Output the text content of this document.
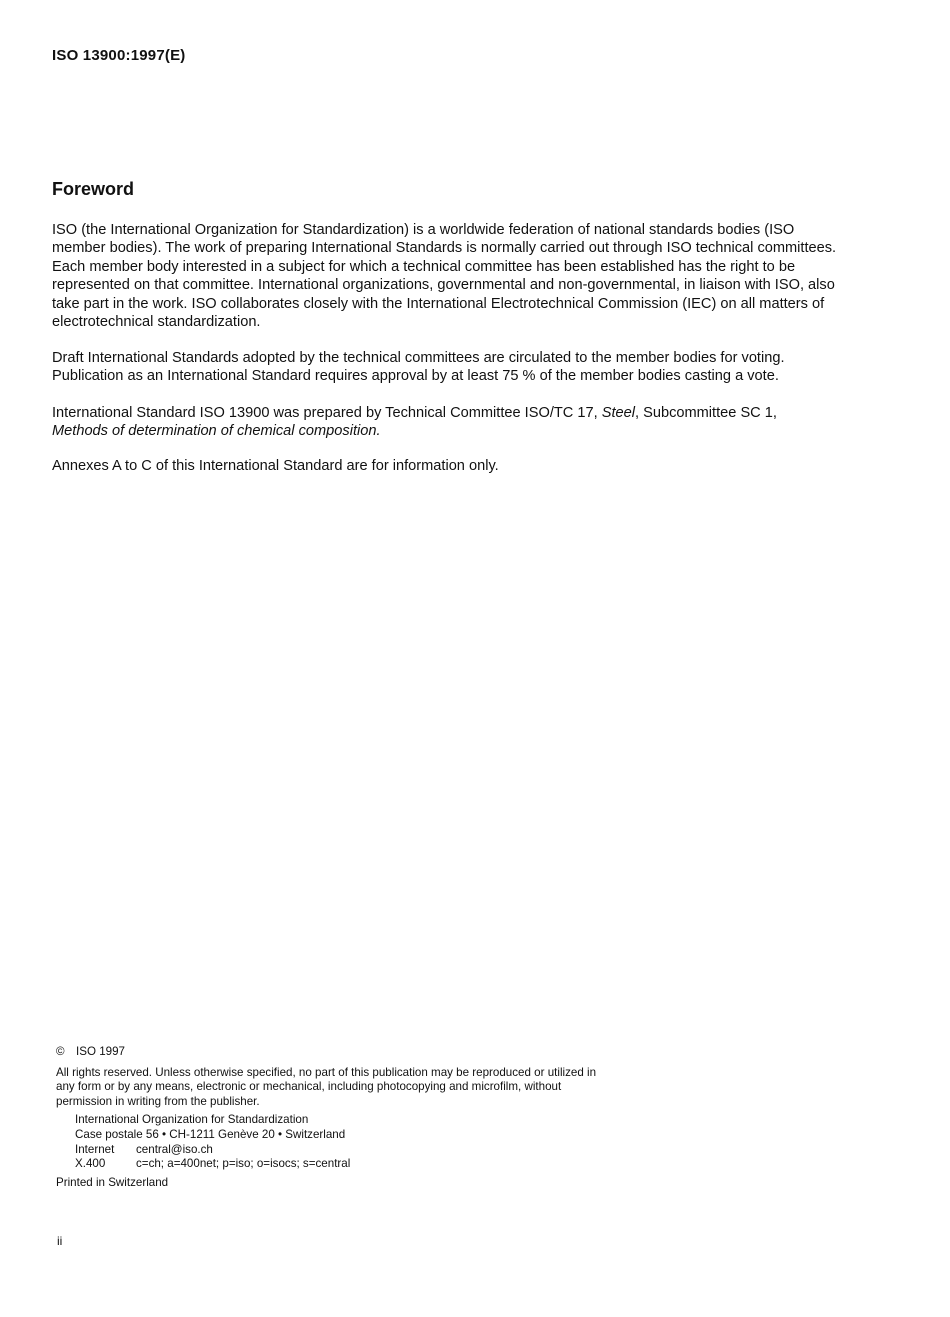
ISO 13900:1997(E)
Foreword

ISO (the International Organization for Standardization) is a worldwide federation of national standards bodies (ISO member bodies). The work of preparing International Standards is normally carried out through ISO technical committees. Each member body interested in a subject for which a technical committee has been established has the right to be represented on that committee. International organizations, governmental and non-governmental, in liaison with ISO, also take part in the work. ISO collaborates closely with the International Electrotechnical Commission (IEC) on all matters of electrotechnical standardization.

Draft International Standards adopted by the technical committees are circulated to the member bodies for voting. Publication as an International Standard requires approval by at least 75 % of the member bodies casting a vote.

International Standard ISO 13900 was prepared by Technical Committee ISO/TC 17, Steel, Subcommittee SC 1,
Methods of determination of chemical composition.

Annexes A to C of this International Standard are for information only.

© ISO 1997

All rights reserved. Unless otherwise specified, no part of this publication may be reproduced or utilized in any form or by any means, electronic or mechanical, including photocopying and microfilm, without permission in writing from the publisher.

International Organization for Standardization
Case postale 56 • CH-1211 Genève 20 • Switzerland
Internet central@iso.ch
X.400	c=ch; a=400net; p=iso; o=isocs; s=central

Printed in Switzerland

ii
